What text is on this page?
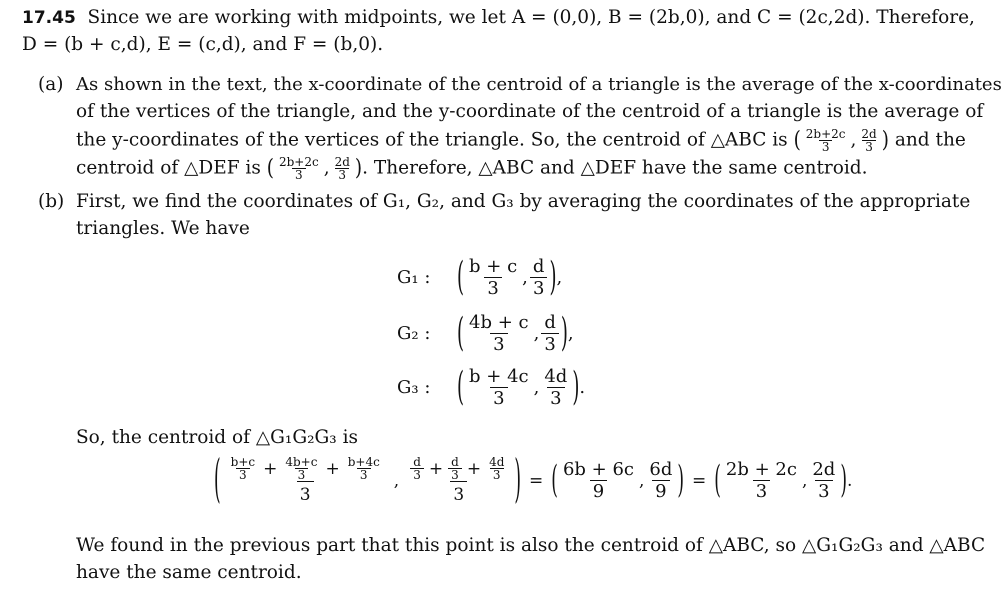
17.45 Since we are working with midpoints, we let A = (0,0), B = (2b,0), and C = (2c,2d). Therefore,
D = (b + c,d), E = (c,d), and F = (b,0).
(a) As shown in the text, the x-coordinate of the centroid of a triangle is the average of the x-coordinates
of the vertices of the triangle, and the y-coordinate of the centroid of a triangle is the average of
the y-coordinates of the vertices of the triangle. So, the centroid of △ABC is ( $\frac{2b+2c}{3}$ , $\frac{2d}{3}$ ) and the
centroid of △DEF is ( $\frac{2b+2c}{3}$ , $\frac{2d}{3}$ ). Therefore, △ABC and △DEF have the same centroid.
(b) First, we find the coordinates of G₁, G₂, and G₃ by averaging the coordinates of the appropriate
triangles. We have
G₁ :	( $\frac{b + c}{3}$ , $\frac{d}{3}$ ) ,
G₂ :	( $\frac{4b + c}{3}$ , $\frac{d}{3}$ ) ,
G₃ :	( $\frac{b + 4c}{3}$ , $\frac{4d}{3}$ ) .
So, the centroid of △G₁G₂G₃ is
( $\frac{\frac{b+c}{3} + \frac{4b+c}{3} + \frac{b+4c}{3}}{3}$ , $\frac{\frac{d}{3} + \frac{d}{3} + \frac{4d}{3}}{3}$ ) = ( $\frac{6b + 6c}{9}$ , $\frac{6d}{9}$ ) = ( $\frac{2b + 2c}{3}$ , $\frac{2d}{3}$ ) .
We found in the previous part that this point is also the centroid of △ABC, so △G₁G₂G₃ and △ABC
have the same centroid.
